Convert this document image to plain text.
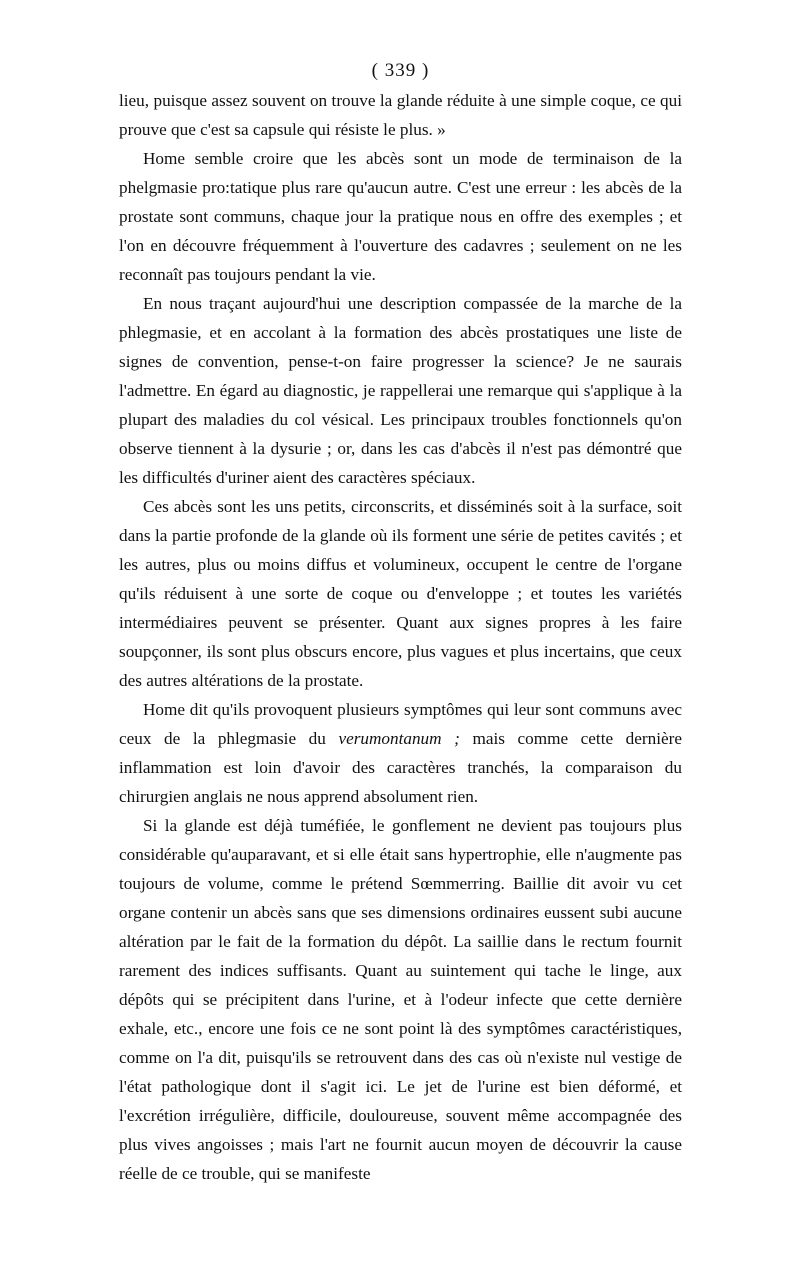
( 339 )

lieu, puisque assez souvent on trouve la glande réduite à une simple coque, ce qui prouve que c'est sa capsule qui résiste le plus. »

Home semble croire que les abcès sont un mode de terminaison de la phelgmasie pro:tatique plus rare qu'aucun autre. C'est une erreur : les abcès de la prostate sont communs, chaque jour la pratique nous en offre des exemples ; et l'on en découvre fréquemment à l'ouverture des cadavres ; seulement on ne les reconnaît pas toujours pendant la vie.

En nous traçant aujourd'hui une description compassée de la marche de la phlegmasie, et en accolant à la formation des abcès prostatiques une liste de signes de convention, pense-t-on faire progresser la science? Je ne saurais l'admettre. En égard au diagnostic, je rappellerai une remarque qui s'applique à la plupart des maladies du col vésical. Les principaux troubles fonctionnels qu'on observe tiennent à la dysurie ; or, dans les cas d'abcès il n'est pas démontré que les difficultés d'uriner aient des caractères spéciaux.

Ces abcès sont les uns petits, circonscrits, et disséminés soit à la surface, soit dans la partie profonde de la glande où ils forment une série de petites cavités ; et les autres, plus ou moins diffus et volumineux, occupent le centre de l'organe qu'ils réduisent à une sorte de coque ou d'enveloppe ; et toutes les variétés intermédiaires peuvent se présenter. Quant aux signes propres à les faire soupçonner, ils sont plus obscurs encore, plus vagues et plus incertains, que ceux des autres altérations de la prostate.

Home dit qu'ils provoquent plusieurs symptômes qui leur sont communs avec ceux de la phlegmasie du verumontanum ; mais comme cette dernière inflammation est loin d'avoir des caractères tranchés, la comparaison du chirurgien anglais ne nous apprend absolument rien.

Si la glande est déjà tuméfiée, le gonflement ne devient pas toujours plus considérable qu'auparavant, et si elle était sans hypertrophie, elle n'augmente pas toujours de volume, comme le prétend Sœmmerring. Baillie dit avoir vu cet organe contenir un abcès sans que ses dimensions ordinaires eussent subi aucune altération par le fait de la formation du dépôt. La saillie dans le rectum fournit rarement des indices suffisants. Quant au suintement qui tache le linge, aux dépôts qui se précipitent dans l'urine, et à l'odeur infecte que cette dernière exhale, etc., encore une fois ce ne sont point là des symptômes caractéristiques, comme on l'a dit, puisqu'ils se retrouvent dans des cas où n'existe nul vestige de l'état pathologique dont il s'agit ici. Le jet de l'urine est bien déformé, et l'excrétion irrégulière, difficile, douloureuse, souvent même accompagnée des plus vives angoisses ; mais l'art ne fournit aucun moyen de découvrir la cause réelle de ce trouble, qui se manifeste
